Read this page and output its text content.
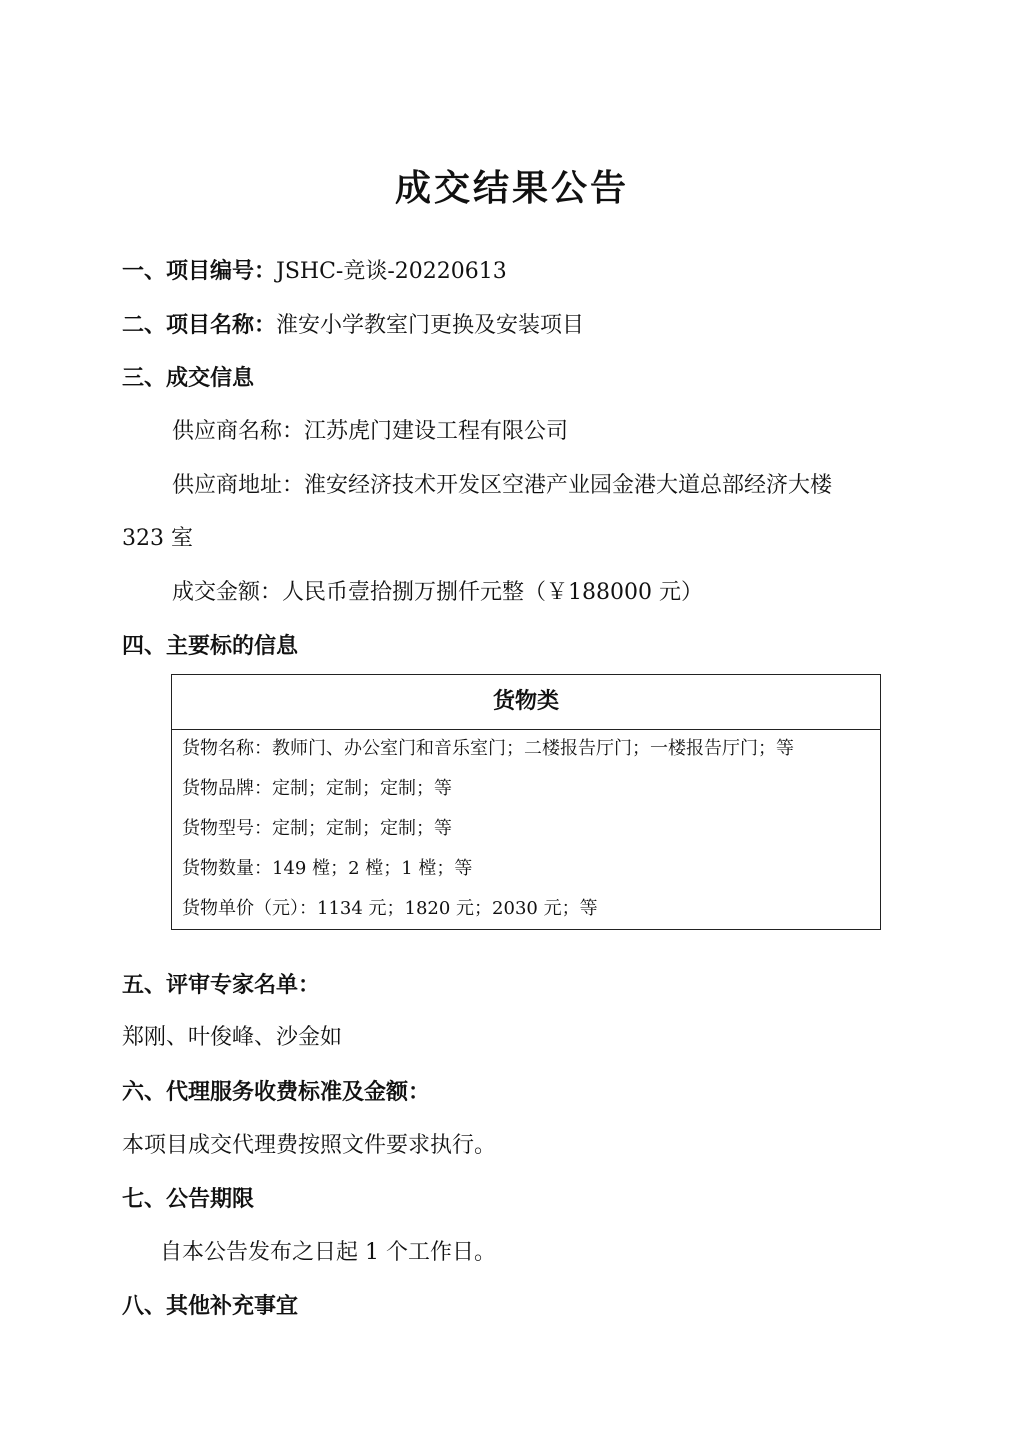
成交结果公告
一、项目编号：JSHC-竞谈-20220613
二、项目名称：淮安小学教室门更换及安装项目
三、成交信息
供应商名称：江苏虎门建设工程有限公司
供应商地址：淮安经济技术开发区空港产业园金港大道总部经济大楼
323 室
成交金额：人民币壹拾捌万捌仟元整（￥188000 元）
四、主要标的信息
货物类
货物名称：教师门、办公室门和音乐室门；二楼报告厅门；一楼报告厅门；等
货物品牌：定制；定制；定制；等
货物型号：定制；定制；定制；等
货物数量：149 樘；2 樘；1 樘；等
货物单价（元）：1134 元；1820 元；2030 元；等
五、评审专家名单：
郑刚、叶俊峰、沙金如
六、代理服务收费标准及金额：
本项目成交代理费按照文件要求执行。
七、公告期限
自本公告发布之日起 1 个工作日。
八、其他补充事宜
